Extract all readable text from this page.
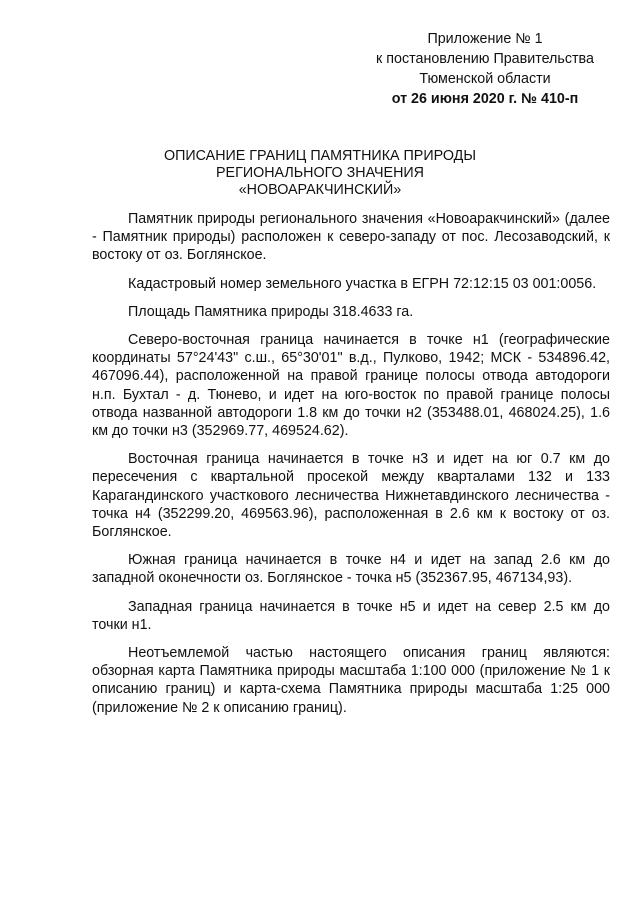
Приложение № 1
к постановлению Правительства
Тюменской области
от 26 июня 2020 г. № 410-п
ОПИСАНИЕ ГРАНИЦ ПАМЯТНИКА ПРИРОДЫ
РЕГИОНАЛЬНОГО ЗНАЧЕНИЯ
«НОВОАРАКЧИНСКИЙ»

Памятник природы регионального значения «Новоаракчинский» (далее - Памятник природы) расположен к северо-западу от пос. Лесозаводский, к востоку от оз. Боглянское.

Кадастровый номер земельного участка в ЕГРН 72:12:15 03 001:0056.

Площадь Памятника природы 318.4633 га.

Северо-восточная граница начинается в точке н1 (географические координаты 57°24'43" с.ш., 65°30'01" в.д., Пулково, 1942; МСК - 534896.42, 467096.44), расположенной на правой границе полосы отвода автодороги н.п. Бухтал - д. Тюнево, и идет на юго-восток по правой границе полосы отвода названной автодороги 1.8 км до точки н2 (353488.01, 468024.25), 1.6 км до точки н3 (352969.77, 469524.62).

Восточная граница начинается в точке н3 и идет на юг 0.7 км до пересечения с квартальной просекой между кварталами 132 и 133 Карагандинского участкового лесничества Нижнетавдинского лесничества - точка н4 (352299.20, 469563.96), расположенная в 2.6 км к востоку от оз. Боглянское.

Южная граница начинается в точке н4 и идет на запад 2.6 км до западной оконечности оз. Боглянское - точка н5 (352367.95, 467134,93).

Западная граница начинается в точке н5 и идет на север 2.5 км до точки н1.

Неотъемлемой частью настоящего описания границ являются: обзорная карта Памятника природы масштаба 1:100 000 (приложение № 1 к описанию границ) и карта-схема Памятника природы масштаба 1:25 000 (приложение № 2 к описанию границ).
